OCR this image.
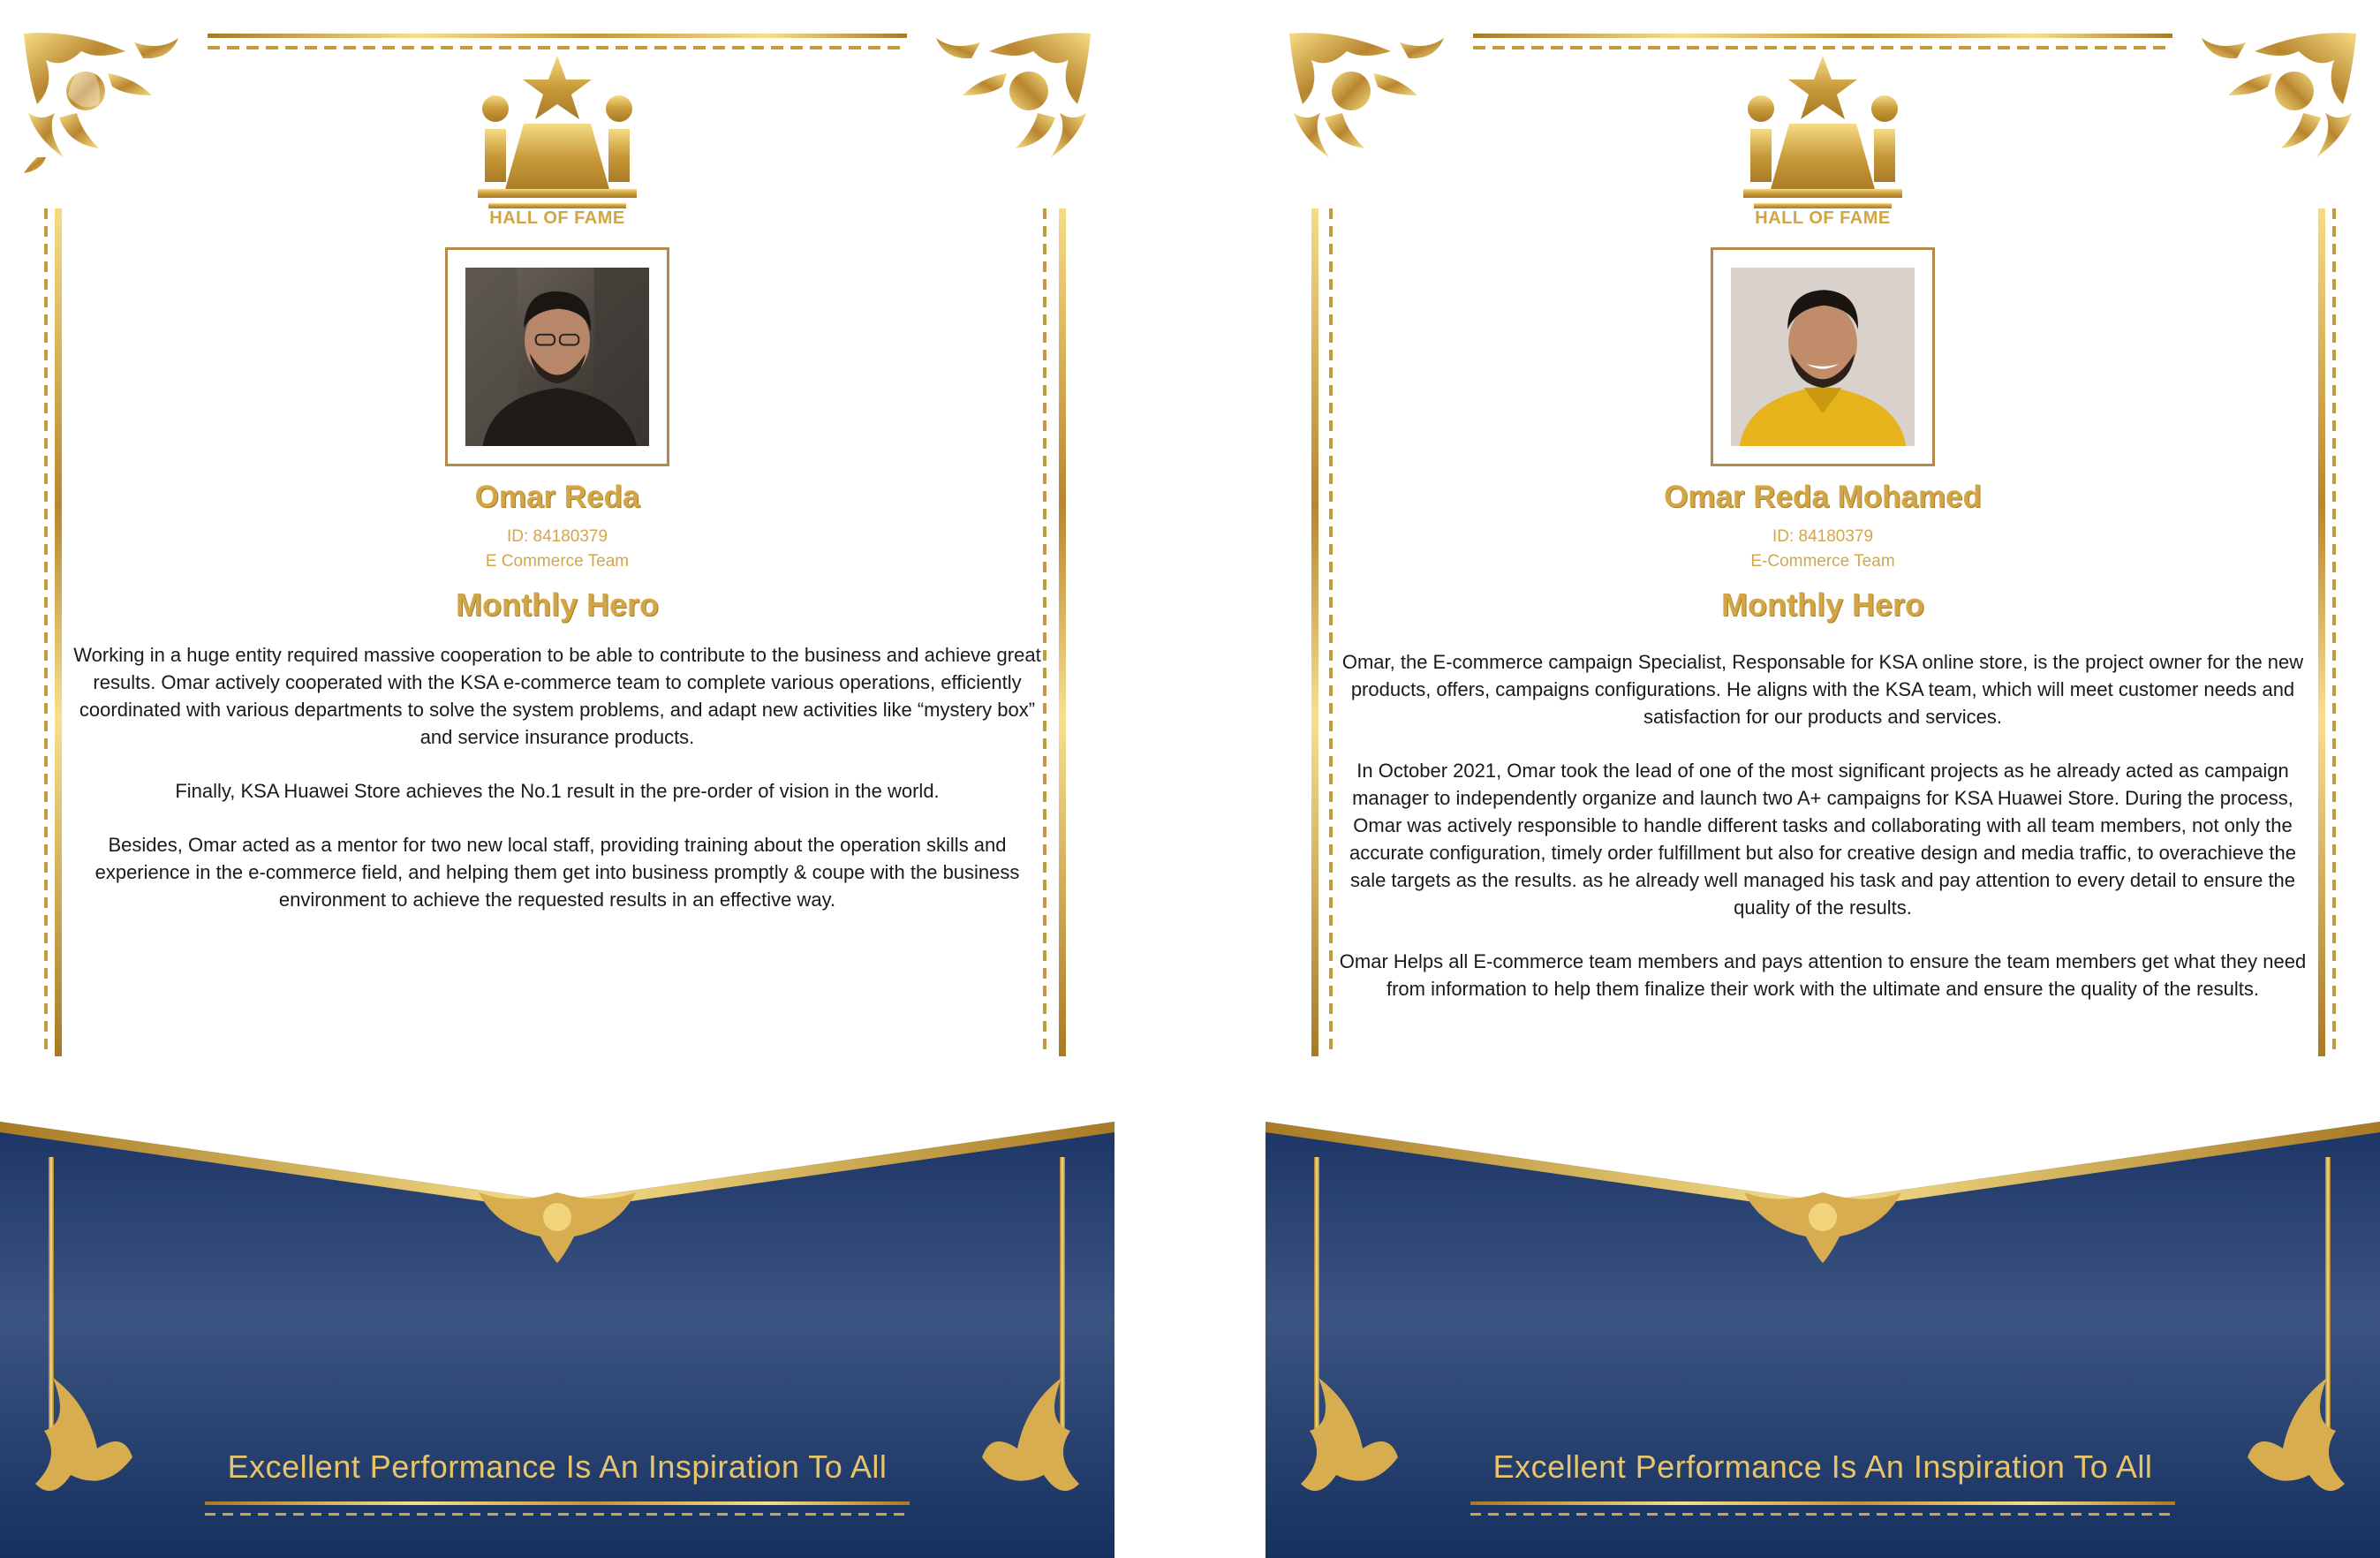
HALL OF FAME
Omar Reda
ID: 84180379
E Commerce Team
Monthly Hero

Working in a huge entity required massive cooperation to be able to contribute to the business and achieve great results. Omar actively cooperated with the KSA e-commerce team to complete various operations, efficiently coordinated with various departments to solve the system problems, and adapt new activities like “mystery box” and service insurance products.

Finally, KSA Huawei Store achieves the No.1 result in the pre-order of vision in the world.

Besides, Omar acted as a mentor for two new local staff, providing training about the operation skills and experience in the e-commerce field, and helping them get into business promptly & coupe with the business environment to achieve the requested results in an effective way.

Excellent Performance Is An Inspiration To All
HALL OF FAME
Omar Reda Mohamed
ID: 84180379
E-Commerce Team
Monthly Hero

Omar, the E-commerce campaign Specialist, Responsable for KSA online store, is the project owner for the new products, offers, campaigns configurations. He aligns with the KSA team, which will meet customer needs and satisfaction for our products and services.

In October 2021, Omar took the lead of one of the most significant projects as he already acted as campaign manager to independently organize and launch two A+ campaigns for KSA Huawei Store. During the process, Omar was actively responsible to handle different tasks and collaborating with all team members, not only the accurate configuration, timely order fulfillment but also for creative design and media traffic, to overachieve the sale targets as the results. as he already well managed his task and pay attention to every detail to ensure the quality of the results.

Omar Helps all E-commerce team members and pays attention to ensure the team members get what they need from information to help them finalize their work with the ultimate and ensure the quality of the results.

Excellent Performance Is An Inspiration To All
